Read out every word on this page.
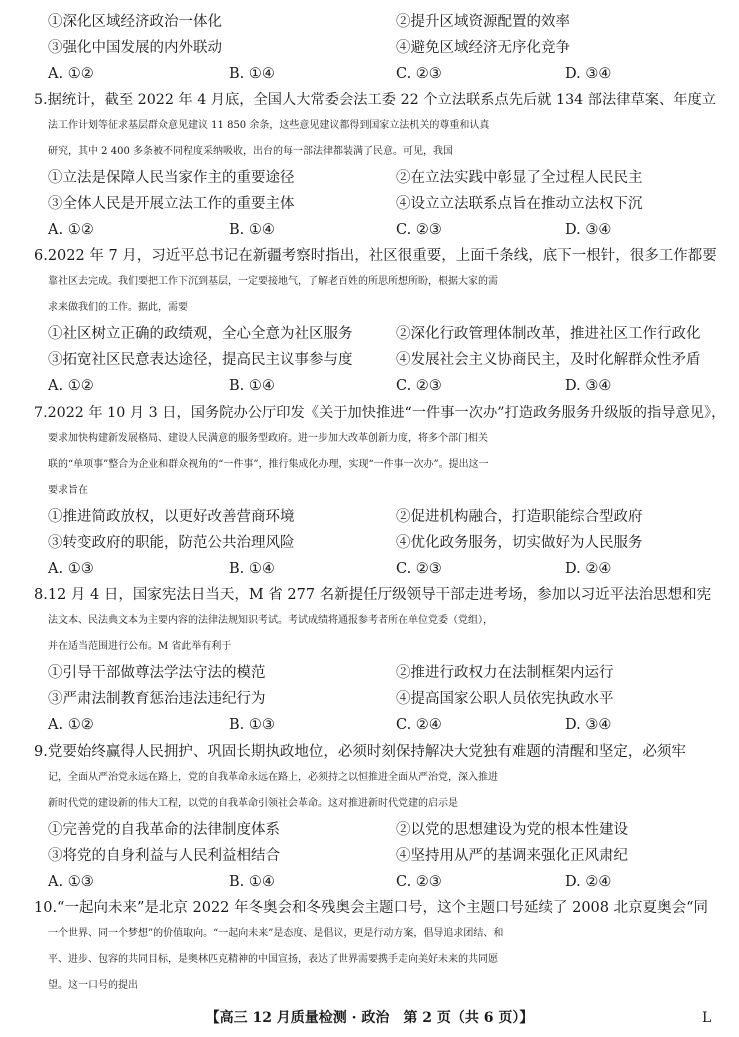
①深化区域经济政治一体化	②提升区域资源配置的效率
③强化中国发展的内外联动	④避免区域经济无序化竞争
A. ①②	B. ①④	C. ②③	D. ③④
5.据统计，截至 2022 年 4 月底，全国人大常委会法工委 22 个立法联系点先后就 134 部法律草案、年度立
法工作计划等征求基层群众意见建议 11 850 余条，这些意见建议都得到国家立法机关的尊重和认真
研究，其中 2 400 多条被不同程度采纳吸收，出台的每一部法律都装满了民意。可见，我国
①立法是保障人民当家作主的重要途径	②在立法实践中彰显了全过程人民民主
③全体人民是开展立法工作的重要主体	④设立立法联系点旨在推动立法权下沉
A. ①②	B. ①④	C. ②③	D. ③④
6.2022 年 7 月，习近平总书记在新疆考察时指出，社区很重要，上面千条线，底下一根针，很多工作都要
靠社区去完成。我们要把工作下沉到基层，一定要接地气，了解老百姓的所思所想所盼，根据大家的需
求来做我们的工作。据此，需要
①社区树立正确的政绩观，全心全意为社区服务	②深化行政管理体制改革，推进社区工作行政化
③拓宽社区民意表达途径，提高民主议事参与度	④发展社会主义协商民主，及时化解群众性矛盾
A. ①②	B. ①④	C. ②③	D. ③④
7.2022 年 10 月 3 日，国务院办公厅印发《关于加快推进“一件事一次办”打造政务服务升级版的指导意见》，
要求加快构建新发展格局、建设人民满意的服务型政府。进一步加大改革创新力度，将多个部门相关
联的“单项事”整合为企业和群众视角的“一件事”，推行集成化办理，实现“一件事一次办”。提出这一
要求旨在
①推进简政放权，以更好改善营商环境	②促进机构融合，打造职能综合型政府
③转变政府的职能，防范公共治理风险	④优化政务服务，切实做好为人民服务
A. ①③	B. ①④	C. ②③	D. ②④
8.12 月 4 日，国家宪法日当天，M 省 277 名新提任厅级领导干部走进考场，参加以习近平法治思想和宪
法文本、民法典文本为主要内容的法律法规知识考试。考试成绩将通报参考者所在单位党委（党组），
并在适当范围进行公布。M 省此举有利于
①引导干部做尊法学法守法的模范	②推进行政权力在法制框架内运行
③严肃法制教育惩治违法违纪行为	④提高国家公职人员依宪执政水平
A. ①②	B. ①③	C. ②④	D. ③④
9.党要始终赢得人民拥护、巩固长期执政地位，必须时刻保持解决大党独有难题的清醒和坚定，必须牢
记，全面从严治党永远在路上，党的自我革命永远在路上，必须持之以恒推进全面从严治党，深入推进
新时代党的建设新的伟大工程，以党的自我革命引领社会革命。这对推进新时代党建的启示是
①完善党的自我革命的法律制度体系	②以党的思想建设为党的根本性建设
③将党的自身利益与人民利益相结合	④坚持用从严的基调来强化正风肃纪
A. ①③	B. ①④	C. ②③	D. ②④
10.“一起向未来”是北京 2022 年冬奥会和冬残奥会主题口号，这个主题口号延续了 2008 北京夏奥会“同
一个世界、同一个梦想”的价值取向。“一起向未来”是态度、是倡议，更是行动方案，倡导追求团结、和
平、进步、包容的共同目标，是奥林匹克精神的中国宣扬，表达了世界需要携手走向美好未来的共同愿
望。这一口号的提出
【高三 12 月质量检测 · 政治　第 2 页（共 6 页）】	L
